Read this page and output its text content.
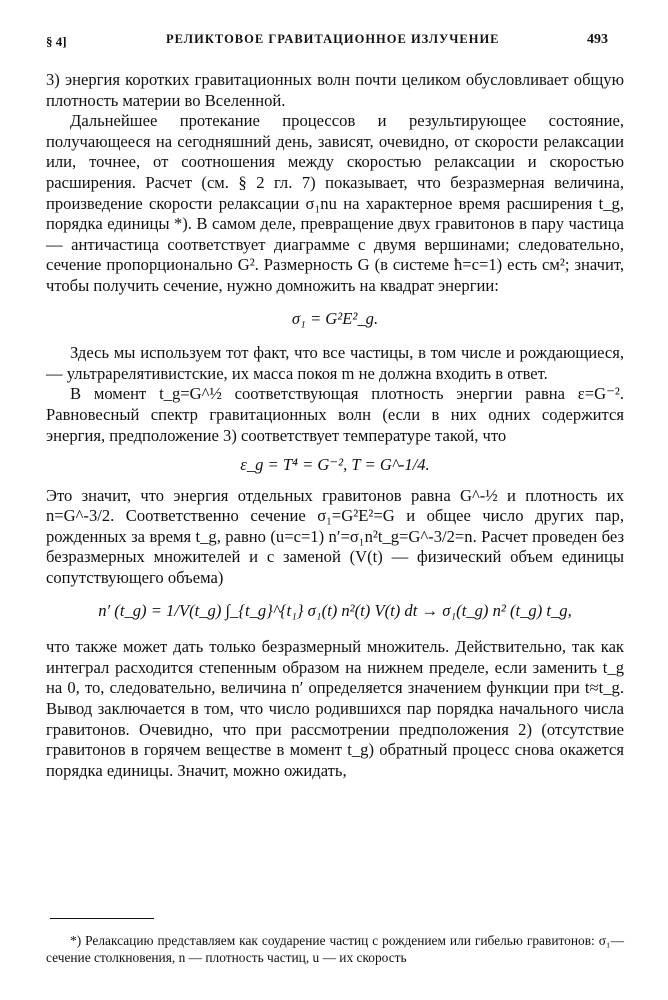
§ 4]	РЕЛИКТОВОЕ ГРАВИТАЦИОННОЕ ИЗЛУЧЕНИЕ	493

3) энергия коротких гравитационных волн почти целиком обусловливает общую плотность материи во Вселенной.

Дальнейшее протекание процессов и результирующее состояние, получающееся на сегодняшний день, зависят, очевидно, от скорости релаксации или, точнее, от соотношения между скоростью релаксации и скоростью расширения. Расчет (см. § 2 гл. 7) показывает, что безразмерная величина, произведение скорости релаксации σ₁nu на характерное время расширения t_g, порядка единицы *). В самом деле, превращение двух гравитонов в пару частица — античастица соответствует диаграмме с двумя вершинами; следовательно, сечение пропорционально G². Размерность G (в системе ħ=c=1) есть см²; значит, чтобы получить сечение, нужно домножить на квадрат энергии:

σ₁ = G²E²_g.

Здесь мы используем тот факт, что все частицы, в том числе и рождающиеся,— ультрарелятивистские, их масса покоя m не должна входить в ответ.

В момент t_g=G^½ соответствующая плотность энергии равна ε=G⁻². Равновесный спектр гравитационных волн (если в них одних содержится энергия, предположение 3) соответствует температуре такой, что

ε_g = T⁴ = G⁻², T = G^-1/4.

Это значит, что энергия отдельных гравитонов равна G^-½ и плотность их n=G^-3/2. Соответственно сечение σ₁=G²E²=G и общее число других пар, рожденных за время t_g, равно (u=c=1) n′=σ₁n²t_g=G^-3/2=n. Расчет проведен без безразмерных множителей и с заменой (V(t) — физический объем единицы сопутствующего объема)

n′ (t_g) = 1/V(t_g) ∫_{t_g}^{t₁} σ₁(t) n²(t) V(t) dt → σ₁(t_g) n² (t_g) t_g,

что также может дать только безразмерный множитель. Действительно, так как интеграл расходится степенным образом на нижнем пределе, если заменить t_g на 0, то, следовательно, величина n′ определяется значением функции при t≈t_g. Вывод заключается в том, что число родившихся пар порядка начального числа гравитонов. Очевидно, что при рассмотрении предположения 2) (отсутствие гравитонов в горячем веществе в момент t_g) обратный процесс снова окажется порядка единицы. Значит, можно ожидать,

*) Релаксацию представляем как соударение частиц с рождением или гибелью гравитонов: σ₁— сечение столкновения, n — плотность частиц, u — их скорость
